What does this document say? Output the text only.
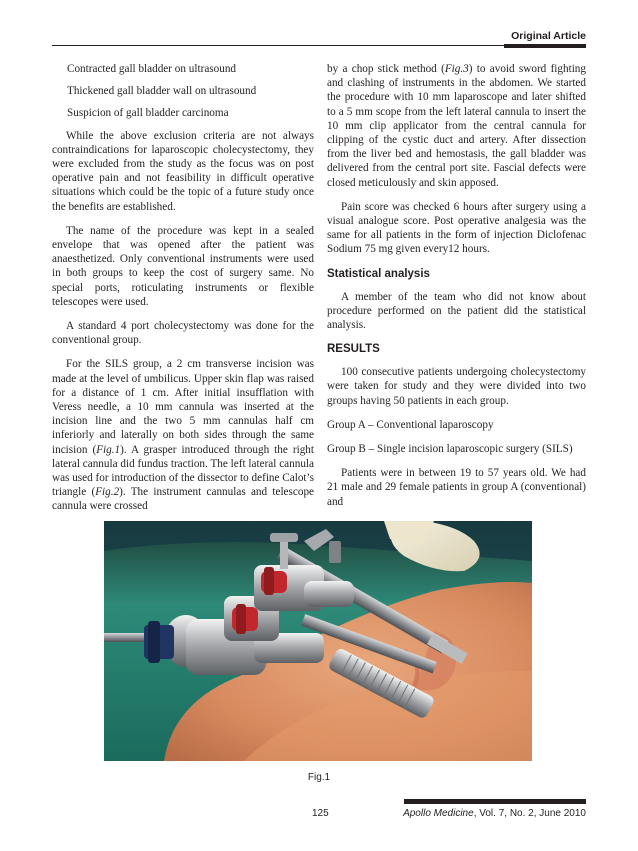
Original Article

Contracted gall bladder on ultrasound

Thickened gall bladder wall on ultrasound

Suspicion of gall bladder carcinoma

While the above exclusion criteria are not always contraindications for laparoscopic cholecystectomy, they were excluded from the study as the focus was on post operative pain and not feasibility in difficult operative situations which could be the topic of a future study once the benefits are established.

The name of the procedure was kept in a sealed envelope that was opened after the patient was anaesthetized. Only conventional instruments were used in both groups to keep the cost of surgery same. No special ports, roticulating instruments or flexible telescopes were used.

A standard 4 port cholecystectomy was done for the conventional group.

For the SILS group, a 2 cm transverse incision was made at the level of umbilicus. Upper skin flap was raised for a distance of 1 cm. After initial insufflation with Veress needle, a 10 mm cannula was inserted at the incision line and the two 5 mm cannulas half cm inferiorly and laterally on both sides through the same incision (Fig.1). A grasper introduced through the right lateral cannula did fundus traction. The left lateral cannula was used for introduction of the dissector to define Calot’s triangle (Fig.2). The instrument cannulas and telescope cannula were crossed

by a chop stick method (Fig.3) to avoid sword fighting and clashing of instruments in the abdomen. We started the procedure with 10 mm laparoscope and later shifted to a 5 mm scope from the left lateral cannula to insert the 10 mm clip applicator from the central cannula for clipping of the cystic duct and artery. After dissection from the liver bed and hemostasis, the gall bladder was delivered from the central port site. Fascial defects were closed meticulously and skin apposed.

Pain score was checked 6 hours after surgery using a visual analogue score. Post operative analgesia was the same for all patients in the form of injection Diclofenac Sodium 75 mg given every12 hours.

Statistical analysis

A member of the team who did not know about procedure performed on the patient did the statistical analysis.

RESULTS

100 consecutive patients undergoing cholecystectomy were taken for study and they were divided into two groups having 50 patients in each group.

Group A – Conventional laparoscopy

Group B – Single incision laparoscopic surgery (SILS)

Patients were in between 19 to 57 years old. We had 21 male and 29 female patients in group A (conventional) and

Fig.1
125	Apollo Medicine, Vol. 7, No. 2, June 2010
